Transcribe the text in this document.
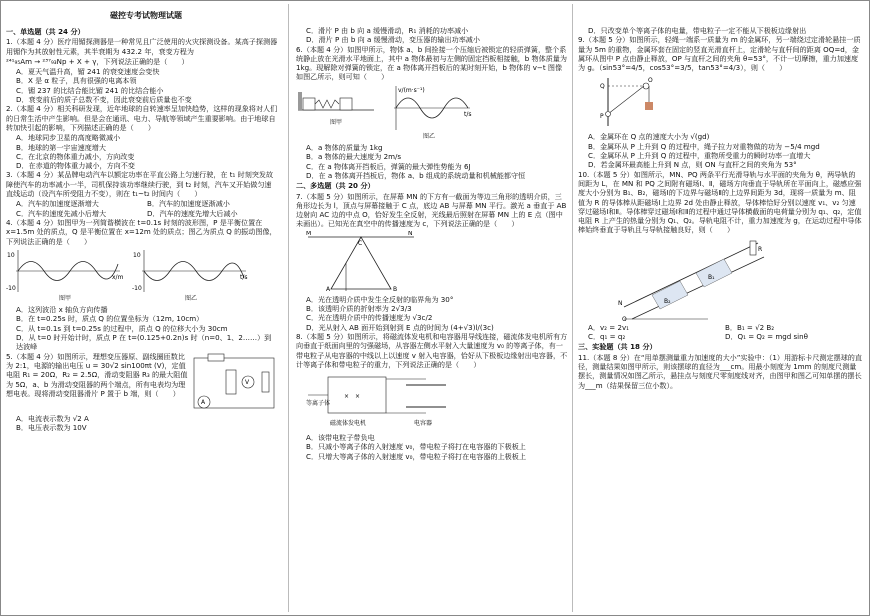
磁控专考试物理试题
一、单选题（共 24 分）
1.（本题 4 分）医疗用镅探测器是一种常见且广泛使用的火灾探测设备。某高子探测器用镅作为其放射性元素，其半衰期为 432.2 年，衰变方程为
²⁴¹₉₅Am → ²³⁷₉₃Np + X + γ，下列说法正确的是（　　）
A．夏天气温升高，镅 241 的衰变速度会变快
B．X 是 α 粒子，具有很强的电离本领
C．镅 237 的比结合能比镅 241 的比结合能小
D．衰变前后的质子总数不变，因此衰变前后质量也不变
2.（本题 4 分）相关科研发现，近年地球的自转速率呈加快趋势，这样的现象将对人们的日常生活中产生影响。但是会在通讯、电力、导航等领域产生重要影响。由于地球自转加快引起的影响，下列描述正确的是（　　）
A．地球同步卫星的高度略微减小
B．地球的第一宇宙速度增大
C．在北京的物体重力减小，方向改变
D．在赤道的物体重力减小，方向不变
3.（本题 4 分）某品牌电动汽车以额定功率在平直公路上匀速行驶，在 t₁ 时刻突发故障使汽车的功率减小一半，司机保持该功率继续行驶，到 t₂ 时刻，汽车又开始做匀速直线运动（设汽车所受阻力不变），则在 t₁~t₂ 时间内（　　）
A．汽车的加速度逐渐增大	B．汽车的加速度逐渐减小
C．汽车的速度先减小后增大	D．汽车的速度先增大后减小
4.（本题 4 分）如图甲为一列简谐横波在 t=0.1s 时刻的波形图，P 是平衡位置在 x=1.5m 处的质点，Q 是平衡位置在 x=12m 处的质点；图乙为质点 Q 的振动图像，下列说法正确的是（　　）
10
-10
x/m
图甲
10
-10
t/s
图乙
A．这列波沿 x 轴负方向传播
B．在 t=0.25s 时，质点 Q 的位置坐标为（12m, 10cm）
C．从 t=0.1s 到 t=0.25s 的过程中，质点 Q 的位移大小为 30cm
D．从 t=0 时开始计时，质点 P 在 t=(0.125+0.2n)s 时（n=0、1、2……）到达波峰
5.（本题 4 分）如图所示，理想变压器原、副线圈匝数比为 2:1，电源的输出电压 u = 30√2 sin100πt (V)，定值电阻 R₁ = 20Ω，R₂ = 2.5Ω，滑动变阻器 R₃ 的最大阻值为 5Ω，a、b 为滑动变阻器的两个端点，所有电表均为理想电表。现将滑动变阻器滑片 P 置于 b 端，则（　　）
A
V
A．电流表示数为 √2 A
B．电压表示数为 10V
C．滑片 P 由 b 向 a 缓慢滑动，R₁ 消耗的功率减小
D．滑片 P 由 b 向 a 缓慢滑动，变压器的输出功率减小
6.（本题 4 分）如图甲所示，物体 a、b 间拴接一个压缩后被锁定的轻质弹簧，整个系统静止放在光滑水平地面上，其中 a 物体最初与左侧的固定挡板相接触，b 物体质量为 1kg。现解除对弹簧的锁定，在 a 物体离开挡板后的某时刻开始，b 物体的 v−t 图像如图乙所示，则可知（　　）
图甲
v/(m·s⁻¹)
t/s
图乙
A．a 物体的质量为 1kg
B．a 物体的最大速度为 2m/s
C．在 a 物体离开挡板后，弹簧的最大弹性势能为 6J
D．在 a 物体离开挡板后，物体 a、b 组成的系统动量和机械能都守恒
二、多选题（共 20 分）
7.（本题 5 分）如图所示，在屏幕 MN 的下方有一截面为等边三角形的透明介质，三角形边长为 l，顶点与屏幕接触于 C 点，底边 AB 与屏幕 MN 平行。激光 a 垂直于 AB 边射向 AC 边的中点 O，恰好发生全反射，光线最后照射在屏幕 MN 上的 E 点（图中未画出）。已知光在真空中的传播速度为 c，下列说法正确的是（　　）
M	N
C
A	B
A．光在透明介质中发生全反射的临界角为 30°
B．该透明介质的折射率为 2√3/3
C．光在透明介质中的传播速度为 √3c/2
D．光从射入 AB 面开始到射到 E 点的时间为 (4+√3)l/(3c)
8.（本题 5 分）如图所示，将磁流体发电机和电容器用导线连接，磁流体发电机所有方向垂直于纸面向里的匀强磁场，从容器左侧水平射入大量速度为 v₀ 的等离子体，有一带电粒子从电容器的中线以上以速度 v 射入电容器，恰好从下极板边缘射出电容器，不计等离子体和带电粒子的重力，下列说法正确的是（　　）
×　×
等离子体
磁流体发电机	电容器
A．该带电粒子带负电
B．只减小等离子体的入射速度 v₀，带电粒子将打在电容器的下极板上
C．只增大等离子体的入射速度 v₀，带电粒子将打在电容器的上极板上
D．只改变单个等离子体的电量，带电粒子一定不能从下极板边缘射出
9.（本题 5 分）如图所示，轻绳一端系一质量为 m 的金属环，另一端绕过定滑轮悬挂一质量为 5m 的重物，金属环套在固定的竖直光滑直杆上，定滑轮与直杆间的距离 OQ=d，金属环从图中 P 点由静止释放，OP 与直杆之间的夹角 θ=53°，不计一切摩擦，重力加速度为 g。（sin53°=4/5，cos53°=3/5，tan53°=4/3），则（　　）
Q
P
O
A．金属环在 Q 点的速度大小为 √(gd)
B．金属环从 P 上升到 Q 的过程中，绳子拉力对重物做的功为 −5/4 mgd
C．金属环从 P 上升到 Q 的过程中，重物所受重力的瞬时功率一直增大
D．若金属环最高能上升到 N 点，则 ON 与直杆之间的夹角为 53°
10.（本题 5 分）如图所示，MN、PQ 两条平行光滑导轨与水平面的夹角为 θ，两导轨的间距为 L，在 MN 和 PQ 之间附有磁场Ⅰ、Ⅱ，磁场方向垂直于导轨所在平面向上，磁感应强度大小分别为 B₁、B₂，磁场Ⅰ的下边界与磁场Ⅱ的上边界间距为 3d，现将一质量为 m、阻值为 R 的导体棒从距磁场Ⅰ上边界 2d 处由静止释放，导体棒恰好分别以速度 v₁、v₂ 匀速穿过磁场Ⅰ和Ⅱ。导体棒穿过磁场Ⅰ和Ⅱ的过程中通过导体横截面的电荷量分别为 q₁、q₂，定值电阻 R 上产生的热量分别为 Q₁、Q₂。导轨电阻不计，重力加速度为 g，在运动过程中导体棒始终垂直于导轨且与导轨接触良好，则（　　）
N
Q
B₂
B₁
R
A．v₂ = 2v₁	B．B₁ = √2 B₂
C．q₁ = q₂	D．Q₁ = Q₂ = mgd sinθ
三、实验题（共 18 分）
11.（本题 8 分）在“用单摆测量重力加速度的大小”实验中：（1）用游标卡尺测定摆球的直径，测量结果如图甲所示，则该摆球的直径为___cm。用最小刻度为 1mm 的刻度尺测量摆长，测量情况如图乙所示，悬挂点与刻度尺零刻度线对齐，由图甲和图乙可知单摆的摆长为___m（结果保留三位小数）。
